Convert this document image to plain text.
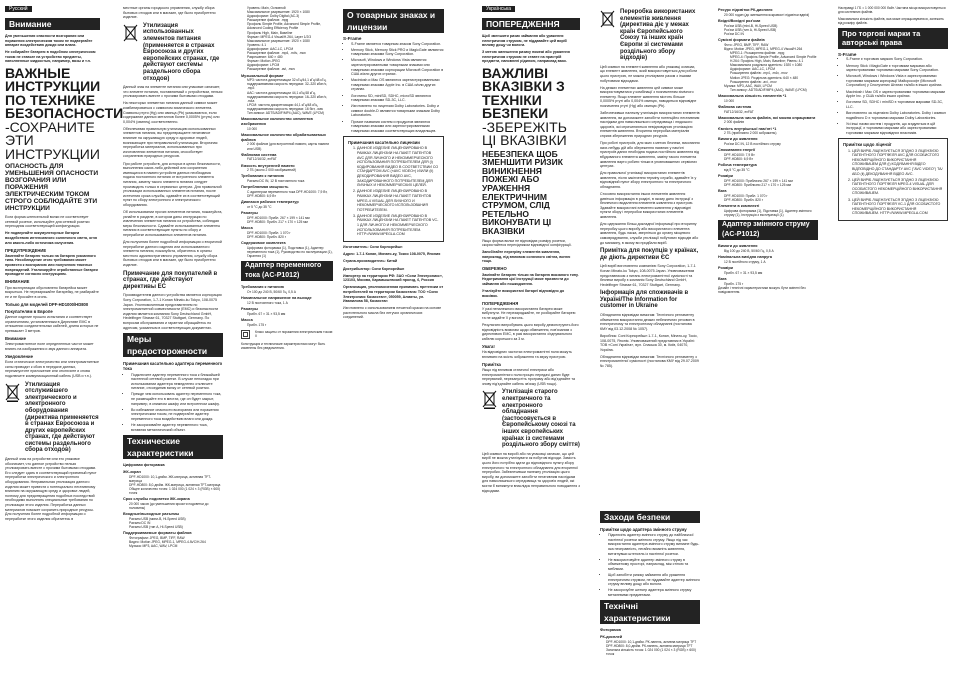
Русский
Внимание

Для уменьшения опасности возгорания или поражения электрическим током не подвергайте аппарат воздействию дождя или влаги.

Не собирайте батарею в подобном электрическом током не ставьте на устройство предметы, наполненные жидкостью, например, вазы и т.п.

ВАЖНЫЕ ИНСТРУКЦИИ ПО ТЕХНИКЕ БЕЗОПАСНОСТИ
-СОХРАНИТЕ ЭТИ ИНСТРУКЦИИ
ОПАСНОСТЬ ДЛЯ УМЕНЬШЕНИЯ ОПАСНОСТИ ВОЗГОРАНИЯ ИЛИ ПОРАЖЕНИЯ ЭЛЕКТРИЧЕСКИМ ТОКОМ СТРОГО СОБЛЮДАЙТЕ ЭТИ ИНСТРУКЦИИ

Если форма штепсельной вилки не соответствует сетевой розетке, используйте для сетевой розетки переходник соответствующей конфигурации.

Не подвергайте аккумуляторные батареи воздействию интенсивного солнечного света, огня или какого-либо источника излучения.

ПРЕДУПРЕЖДЕНИЕ

Заменяйте батарею только на батарею указанного типа. Несоблюдение этого требования может привести к возгоранию или получению тяжелых повреждений. Утилизируйте отработанные батареи проводите согласно инструкциям.

ВНИМАНИЕ

При эксплуатации обусловлено батарейка может вскрыться. Не перезаряжайте батарейку, не разбирайте ее и не бросайте в огонь.

Только для моделей DPF-HD1000/HD800
Покупателям в Европе

Данное изделие прошло испытания и соответствует ограничениям, установленным в Директиве EMC в отношении соединительных кабелей, длина которых не превышает 3 метров.

Внимание

Электромагнитное поле определенных частот может влиять на изображения и звук данного аппарата.

Уведомление

Если статическое электричество или электромагнитные силы приводят к сбою в передаче данных, перезапустите приложение или отключите и снова подключите коммуникационный кабель (USB и т.п.).

Утилизация отслужившего электрического и электронного оборудования (директива применяется в странах Евросоюза и других европейских странах, где действуют системы раздельного сбора отходов)

Данный знак на устройстве или его упаковке обозначает, что данное устройство нельзя утилизировать вместе с прочими бытовыми отходами. Его следует сдать в соответствующий приемный пункт переработки электрического и электронного оборудования. Неправильная утилизация данного изделия может привести к потенциально негативному влиянию на окружающую среду и здоровье людей, поэтому для предотвращения подобных последствий необходимо выполнять специальные требования по утилизации этого изделия. Переработка данных материалов поможет сохранить природные ресурсы. Для получения более подробной информации о переработке этого изделия обратитесь в

местные органы городского управления, службу сбора бытовых отходов или в магазин, где было приобретено изделие.

Утилизация использованных элементов питания (применяется в странах Евросоюза и других европейских странах, где действуют системы раздельного сбора отходов)

Данный знак на элементе питания или упаковке означает, что элемент питания, поставляемый с устройством, нельзя утилизировать вместе с прочими бытовыми отходами.

На некоторых элементах питания данный символ может комбинироваться с символом химического элемента. Символы ртути (Hg) или свинца (Pb) указываются, если содержание данных металлов более 0,0005% (ртуть) или 0,004% (свинец) соответственно.

Обеспечивая правильную утилизацию использованных элементов питания, вы предотвращаете негативное влияние на окружающую среду и здоровье людей, возникающее при неправильной утилизации. Вторичная переработка материалов, использованных при изготовлении элементов питания, способствует сохранению природных ресурсов.

При работе устройств, для которых в целях безопасности, выполнения каких-либо действий или сохранения имеющихся в памяти устройств данных необходима подача постоянного питания от встроенного элемента питания, замену такого элемента питания следует производить только в сервисных центрах. Для правильной утилизации использованных элементов питания, после истечения срока службы, сдавайте их в соответствующий пункт по сбору электронного и электрического оборудования.

Об использовании прочих элементов питания, пожалуйста, узнайте в разделе, в котором даны инструкции по извлечению элементов питания из устройства, соблюдая меры безопасности. Сдавайте использованные элементы питания в соответствующие пункты по сбору и переработке использованных элементов питания.

Для получения более подробной информации о вторичной переработке данного изделия или использованного элемента питания, пожалуйста, обратитесь в органы местного административного управления, службу сбора бытовых отходов или в магазин, где было приобретено изделие.

Примечание для покупателей в странах, где действуют директивы ЕС

Производителем данного устройства является корпорация Sony Corporation, 1-7-1 Konan Minato-ku Tokyo, 108-0075 Japan. Уполномоченным представителем по электромагнитной совместимости (EMC) и безопасности изделия является компания Sony Deutschland GmbH, Hedelfinger Strasse 61, 70327 Stuttgart, Germany. По вопросам обслуживания и гарантии обращайтесь по адресам, указанным в соответствующих документах.

Меры предосторожности
Примечания касательно адаптера переменного тока
• Подключите адаптер переменного тока к ближайшей настенной сетевой розетке. В случае неполадок при использовании адаптера немедленно отключите питание, отсоединив вилку от сетевой розетки.
• Прежде чем использовать адаптер переменного тока, не размещайте его в местах, где он будет закрыт, например, в книжном шкафу или встроенном шкафу.
• Во избежание опасности возгорания или поражения электрическим током, не подвергайте адаптер переменного тока воздействию влаги или дождя.
• Не закорачивайте адаптер переменного тока, вставляя металлический объект.
Технические характеристики
Цифровая фоторамка
ЖК-экран
DPF-HD1000: 10,1-дюйм. ЖК-матрица, активная TFT-матрица
DPF-HD800: 8,0-дюйм. ЖК-матрица, активная TFT-матрица
Общее количество точек: 1 024 000 (1 024 × 3 (RGB) × 600) точек
Срок службы подсветки ЖК-экрана
20 000 часов (до уменьшения яркости подсветки до половины)
Входные/выходные разъемы
Разъем USB (мини-B, Hi-Speed USB)
Разъем DC IN
Разъем USB (тип A, Hi-Speed USB)
Поддерживаемые форматы файлов
Фотографии: JPEG, BMP, TIFF, RAW
Видео: Motion JPEG, MPEG-1, MPEG-4 AVC/H.264
Музыка: MP3, AAC, WAV, LPCM
Уровень: Main, Основной
Максимальное разрешение: 1920 × 1080
Аудиоформат: Dolby Digital (AC-3)
Расширение файлов: .mpg
Профиль Simple Profile, Advanced Simple Profile, Advanced Coding Efficiency Profile
Профиль High, Main, Baseline
Формат: MPEG-4 Visual/H.264, Layer 1/2/3
Максимальное разрешение: 1920 × 1080
Уровень: 4.1
Аудиоформат: AAC-LC, LPCM
Расширение файлов: .mp4, .m4v, .mov
Разрешение: 640 × 480
Формат: Motion JPEG
Аудиоформат: LPCM
Расширение файлов: .avi, .mov
Музыкальный формат
MP3: частота дискретизации 32 кГц/44,1 кГц/48 кГц, поддерживаемая скорость передачи: 32–320 кбит/с, .mp3
AAC: частота дискретизации 44,1 кГц/48 кГц, поддерживаемая скорость передачи: 16–320 кбит/с, .m4a
LPCM: частота дискретизации 44,1 кГц/48 кГц, поддерживаемая скорость передачи: 16 бит, .wav
Тип записи: ADTS/ADIF/MP4 (AAC), WAVE (LPCM)
Максимальное количество элементов изображения
10 000
Максимальное количество обрабатываемых файлов
2 000 файлов (для встроенной памяти, карты памяти или USB)
Файловая система
FAT12/16/32, exFAT
Емкость внутренней памяти
2 ГБ (около 2 000 изображений)
Требования к питанию
Разъем DC IN, 12 В постоянного тока
Потребляемая мощность
С адаптером переменного тока DPF-HD1000: 7,9 Вт, DPF-HD800: 6,9 Вт
Диапазон рабочих температур
от 5 °C до 35 °C
Размеры
DPF-HD1000: Прибл. 267 × 199 × 141 мм
DPF-HD800: Прибл. 217 × 170 × 125 мм
Масса
DPF-HD1000: Прибл. 1 070 г
DPF-HD800: Прибл. 820 г
Содержимое комплекта
Цифровая фоторамка (1), Подставка (1), Адаптер переменного тока (1), Руководство по эксплуатации (1), Гарантия (1)
Адаптер переменного тока (AC-P1012)
Требования к питанию
От 100 до 240 В, 50/60 Гц, 0,5 А
Номинальное напряжение на выходе
12 В постоянного тока, 1 A
Размеры
Прибл. 67 × 31 × 93,5 мм
Масса
Прибл. 175 г
Класс защиты от поражения электрическим током: II

Конструкция и технические характеристики могут быть изменены без уведомления.

О товарных знаках и лицензии
S-Frame
• S-Frame является товарным знаком Sony Corporation.
• Memory Stick, Memory Stick PRO и MagicGate являются товарными знаками Sony Corporation.
• Microsoft, Windows и Windows Vista являются зарегистрированными товарными знаками или товарными знаками корпорации Microsoft Corporation в США и/или других странах.
• Macintosh и Mac OS являются зарегистрированными товарными знаками Apple Inc. в США и/или других странах.
• Логотипы SD, miniSD, SDHC, microSD являются товарными знаками SD-3C, LLC.
• Изготовлено по лицензии Dolby Laboratories. Dolby и символ double-D являются товарными знаками Dolby Laboratories.
• Прочие названия систем и продуктов являются товарными знаками или зарегистрированными товарными знаками соответствующих владельцев.
Примечания касательно лицензии
1. ДАННОЕ ИЗДЕЛИЕ ЛИЦЕНЗИРОВАНО В РАМКАХ ЛИЦЕНЗИИ НА ПАКЕТ ПАТЕНТОВ AVC ДЛЯ ЛИЧНОГО И НЕКОММЕРЧЕСКОГО ИСПОЛЬЗОВАНИЯ ПОТРЕБИТЕЛЕМ ДЛЯ (i) КОДИРОВАНИЯ ВИДЕО В СООТВЕТСТВИИ СО СТАНДАРТОМ AVC («AVC VIDEO») И/ИЛИ (ii) ДЕКОДИРОВАНИЯ ВИДЕО AVC, ЗАКОДИРОВАННОГО ПОТРЕБИТЕЛЕМ ДЛЯ ЛИЧНЫХ И НЕКОММЕРЧЕСКИХ ЦЕЛЕЙ.
2. ДАННОЕ ИЗДЕЛИЕ ЛИЦЕНЗИРОВАНО В РАМКАХ ЛИЦЕНЗИИ НА ПАКЕТ ПАТЕНТОВ MPEG-4 VISUAL ДЛЯ ЛИЧНОГО И НЕКОММЕРЧЕСКОГО ИСПОЛЬЗОВАНИЯ ПОТРЕБИТЕЛЕМ.
3. ДАННОЕ ИЗДЕЛИЕ ЛИЦЕНЗИРОВАНО В РАМКАХ ЛИЦЕНЗИИ НА ПАКЕТ ПАТЕНТОВ VC-1 ДЛЯ ЛИЧНОГО И НЕКОММЕРЧЕСКОГО ИСПОЛЬЗОВАНИЯ ПОТРЕБИТЕЛЕМ. HTTP://WWW.MPEGLA.COM

Изготовитель: Сони Корпорейшн

Адрес: 1-7-1 Конан, Минато-ку, Токио 108-0075, Япония

Страна-производитель: Китай

Дистрибьютор: Сони Корпорейшн

Импортер на территории РФ: ЗАО «Сони Электроникс», 123103, Москва, Карамышевский проезд, 6, Россия

Организация, уполномоченная принимать претензии от потребителей на территории Казахстана: ТОО «Сони Электроникс Казахстан», 050059, Алматы, ул. Иванилова 58, Казахстан

Изготовлено с использованием печатной краски на основе растительного масла без летучих органических соединений.

Українська
ПОПЕРЕДЖЕННЯ

Щоб зменшити ризик займання або ураження електричним струмом, не піддавайте цей виріб впливу дощу чи вологи.

З метою зменшення ризику пожежі або ураження електричним струмом не ставте на пристрій предмети, наповнені рідиною, наприклад вази.

ВАЖЛИВІ ВКАЗІВКИ З ТЕХНІКИ БЕЗПЕКИ
-ЗБЕРЕЖІТЬ ЦІ ВКАЗІВКИ
НЕБЕЗПЕКА ЩОБ ЗМЕНШИТИ РИЗИК ВИНИКНЕННЯ ПОЖЕЖІ АБО УРАЖЕННЯ ЕЛЕКТРИЧНИМ СТРУМОМ, СЛІД РЕТЕЛЬНО ВИКОНУВАТИ ЦІ ВКАЗІВКИ

Якщо форма вилки не відповідає розміру розетки, скористайтеся перехідником відповідної конфігурації.

Запобігайте перегріву елементів живлення, наприклад, під впливом сонячного світла, вогню тощо.

ОБЕРЕЖНО

Заміняйте батарею тільки на батарею вказаного типу. Недотримання цієї інструкції може призвести до займання або пошкодження.

Утилізуйте використані батареї відповідно до вказівок.

ПОПЕРЕДЖЕННЯ

У разі неналежного використання батарея може вибухнути. Не перезаряджайте, не розбирайте батарею та не кидайте її у вогонь.

Результати випробувань цього виробу демонструють його відповідність вимогам щодо обмеження, пов’язаним з директивою EMC, в разі використання з'єднувального кабелю коротшого за 3 м.

Увага!

На відповідних частотах електромагнітні поля можуть впливати на якість зображення та звуку пристрою.

Примітка

Якщо під впливом статичної електрики або електромагнітного поля процес передачі даних буде перерваний, перезапустіть програму або від'єднайте та знову під'єднайте кабель зв'язку (USB тощо).

Утилізація старого електричного та електронного обладнання (застосовується в Європейському союзі та інших європейських країнах із системами роздільного збору сміття)

Цей символ на виробі або на упаковці означає, що цей виріб не можна утилізувати як побутові відходи. Замість цього його потрібно здати до відповідного пункту збору електричного та електронного обладнання для вторинної переробки. Забезпечивши належну утилізацію цього виробу, ви допоможете запобігти негативним наслідкам для навколишнього середовища та здоров'я людей, які могли б виникнути внаслідок неправильного поводження з відходами.

Переробка використаних елементів живлення (директива діє у межах країн Європейського Союзу та інших країн Європи зі системами роздільного збору відходів)

Цей символ на елементі живлення або упаковці означає, що елемент живлення, який використовується для роботи цього пристрою, не можна утилізувати разом з іншими побутовими відходами.

На деяких елементах живлення цей символ може використовуватися у комбінації з позначенням хімічного елементу. Якщо елемент живлення містить більше 0,0005% ртуті або 0,004% свинцю, наводиться відповідне позначення ртуті (Hg) або свинцю (Pb).

Забезпечивши належну утилізацію використаних елементів живлення, ви допоможете запобігти потенційно негативним наслідкам для навколишнього середовища і людського здоров'я, які спричиняються невідповідною утилізацією елементів живлення. Вторинна переробка матеріалів сприяє збереженню природних ресурсів.

При роботі пристроїв, для яких з метою безпеки, виконання яких-небудь дій або збереження наявних у пам'яті пристроїв даних необхідна подача постійного живлення від вбудованого елемента живлення, заміну такого елемента живлення варто робити тільки в уповноважених сервісних центрах.

Для правильної утилізації використаних елементів живлення, після закінчення терміну служби, здавайте їх у відповідний пункт збору електронного та електричного обладнання.

Стосовно використання інших елементів живлення дивіться інформацію в розділі, в якому дано інструкції з безпечного видалення елементів живлення з пристрою. Здавайте використані елементи живлення у відповідні пункти збору і переробки використаних елементів живлення.

Для одержання більш докладної інформації про вторинну переробку цього виробу або використаного елемента живлення, будь ласка, зверніться до органу місцевого самоврядування, служби утилізації побутових відходів або до магазину, в якому ви придбали виріб.

Примітка для покупців у країнах, де діють директиви ЄС

Цей виріб виготовлено компанією Sony Corporation, 1-7-1 Konan Minato-ku Tokyo, 108-0075 Japan. Уповноваженим представником з питань електромагнітної сумісності та безпеки виробу є компанія Sony Deutschland GmbH, Hedelfinger Strasse 61, 70327 Stuttgart, Germany.

Інформація для споживачів в Україні/The Information for customer in Ukraine

Обладнання відповідає вимогам: Технічного регламенту обмеження використання деяких небезпечних речовин в електричному та електронному обладнанні (постанова КМУ від 03.12.2008 № 1057).

Виробник: Соні Корпорейшн 1-7-1, Конан, Мінато-ку, Токіо, 108-0075, Японія. Уповноважений представник в Україні: ТОВ «Соні Україна», вул. Спаська 30, м. Київ, 04070, Україна.

Обладнання відповідає вимогам: Технічного регламенту з електромагнітної сумісності (постанова КМУ від 29.07.2009 № 785).

Заходи безпеки
Примітки щодо адаптера змінного струму
• Підключіть адаптер змінного струму до найближчої настінної розетки змінного струму. Якщо під час використання адаптера змінного струму виникне будь-яка несправність, негайно вимкніть живлення, витягнувши штепсель із настінної розетки.
• Не використовуйте адаптер змінного струму в обмеженому просторі, наприклад, між стіною та меблями.
• Щоб запобігти ризику займання або ураження електричним струмом, не піддавайте адаптер змінного струму впливу дощу або вологи.
• Не закорочуйте штекер адаптера змінного струму металевими предметами.
Технічні характеристики
Фоторамка
РК-дисплей
DPF-HD1000: 10,1-дюйм. РК-панель, активна матриця TFT
DPF-HD800: 8,0-дюйм. РК-панель, активна матриця TFT
Загальна кількість точок: 1 024 000 (1 024 × 3 (RGB) × 600) точок
Ресурс підсвітки РК-дисплея
20 000 годин (до зменшення яскравості підсвітки вдвічі)
Вхідні/Вихідні роз'єми
Роз'єм USB (mini-B, Hi-Speed USB)
Роз'єм USB (тип A, Hi-Speed USB)
Роз'єм DC IN
Сумісні формати файлів
Фото: JPEG, BMP, TIFF, RAW
Відео: Motion JPEG, MPEG-1, MPEG-4 Visual/H.264
MPEG-1: Розширення файлів: .mpg
MPEG-4: Профіль Simple Profile, Advanced Simple Profile
H.264: Профіль High, Main, Baseline; Рівень: 4.1
Максимальна роздільна здатність: 1920 × 1080
Аудіоформат: AAC-LC, LPCM
Розширення файлів: .mp4, .m4v, .mov
Motion JPEG: Роздільна здатність: 640 × 480
Розширення файлів: .avi, .mov
Музика: MP3, AAC, WAV, LPCM
Тип запису: ADTS/ADIF/MP4 (AAC), WAVE (LPCM)
Максимальна кількість елементів *1
10 000
Файлова система
FAT12/16/32, exFAT
Максимальна число файлів, які можна опрацювати
2 000 файлів
Ємність внутрішньої пам'яті *1
2 ГБ (приблизно 2 000 зображень)
Вимоги до живлення
Роз'єм DC IN, 12 В постійного струму
Споживання енергії
DPF-HD1000: 7,9 Вт
DPF-HD800: 6,9 Вт
Робоча температура
від 5 °C до 35 °C
Розміри
DPF-HD1000: Приблизно 267 × 199 × 141 мм
DPF-HD800: Приблизно 217 × 170 × 125 мм
Вага
DPF-HD1000: Прибл. 1 070 г
DPF-HD800: Прибл. 820 г
Елементи в комплекті
Цифрова фоторамка (1), Підставка (1), Адаптер змінного струму (1), Інструкція з експлуатації (1)
Адаптер змінного струму (AC-P1012)
Вимоги до живлення
Від 100 до 240 В, 50/60 Гц, 0,5 А
Номінальна вихідна напруга
12 В постійного струму, 1 A
Розміри
Прибл. 67 × 31 × 93,5 мм
Вага
Прибл. 175 г

Дизайн і технічні характеристики можуть бути змінені без повідомлення.

Насправді 1 ГБ = 1 000 000 000 байт. Частина місця використовується для системних файлів.

Максимальна кількість файлів, яка може опрацьовуватися, залежить від розміру файлів.

Про торгові марки та авторські права
S-Frame
• S-Frame є торговою маркою Sony Corporation.
• Memory Stick і MagicGate є торговими марками або зареєстрованими торговими марками Sony Corporation.
• Microsoft, Windows і Windows Vista є зареєстрованими торговими марками корпорації Майкрософт (Microsoft Corporation) у Сполучених Штатах та/або в інших країнах.
• Macintosh і Mac OS є зареєстрованими торговими марками Apple Inc. у США та/або інших країнах.
• Логотипи SD, SDHC і miniSD є торговими марками SD-3C, LLC.
• Виготовлено за ліцензією Dolby Laboratories. Dolby і символ подвійного D є торговими марками Dolby Laboratories.
• Усі інші назви систем і продуктів, що згадуються в цій інструкції, є торговими марками або зареєстрованими торговими марками відповідних власників.
Примітки щодо ліцензії
1. ЦЕЙ ВИРІБ ЛІЦЕНЗУЄТЬСЯ ЗГІДНО З ЛІЦЕНЗІЄЮ ПАТЕНТНОГО ПОРТФЕЛЯ AVC ДЛЯ ОСОБИСТОГО НЕКОМЕРЦІЙНОГО ВИКОРИСТАННЯ СПОЖИВАЧЕМ ДЛЯ (i) КОДУВАННЯ ВІДЕО ВІДПОВІДНО ДО СТАНДАРТУ AVC ("AVC VIDEO") ТА/АБО (ii) ДЕКОДУВАННЯ ВІДЕО AVC.
2. ЦЕЙ ВИРІБ ЛІЦЕНЗУЄТЬСЯ ЗГІДНО З ЛІЦЕНЗІЄЮ ПАТЕНТНОГО ПОРТФЕЛЯ MPEG-4 VISUAL ДЛЯ ОСОБИСТОГО НЕКОМЕРЦІЙНОГО ВИКОРИСТАННЯ СПОЖИВАЧЕМ.
3. ЦЕЙ ВИРІБ ЛІЦЕНЗУЄТЬСЯ ЗГІДНО З ЛІЦЕНЗІЄЮ ПАТЕНТНОГО ПОРТФЕЛЯ VC-1 ДЛЯ ОСОБИСТОГО НЕКОМЕРЦІЙНОГО ВИКОРИСТАННЯ СПОЖИВАЧЕМ. HTTP://WWW.MPEGLA.COM
